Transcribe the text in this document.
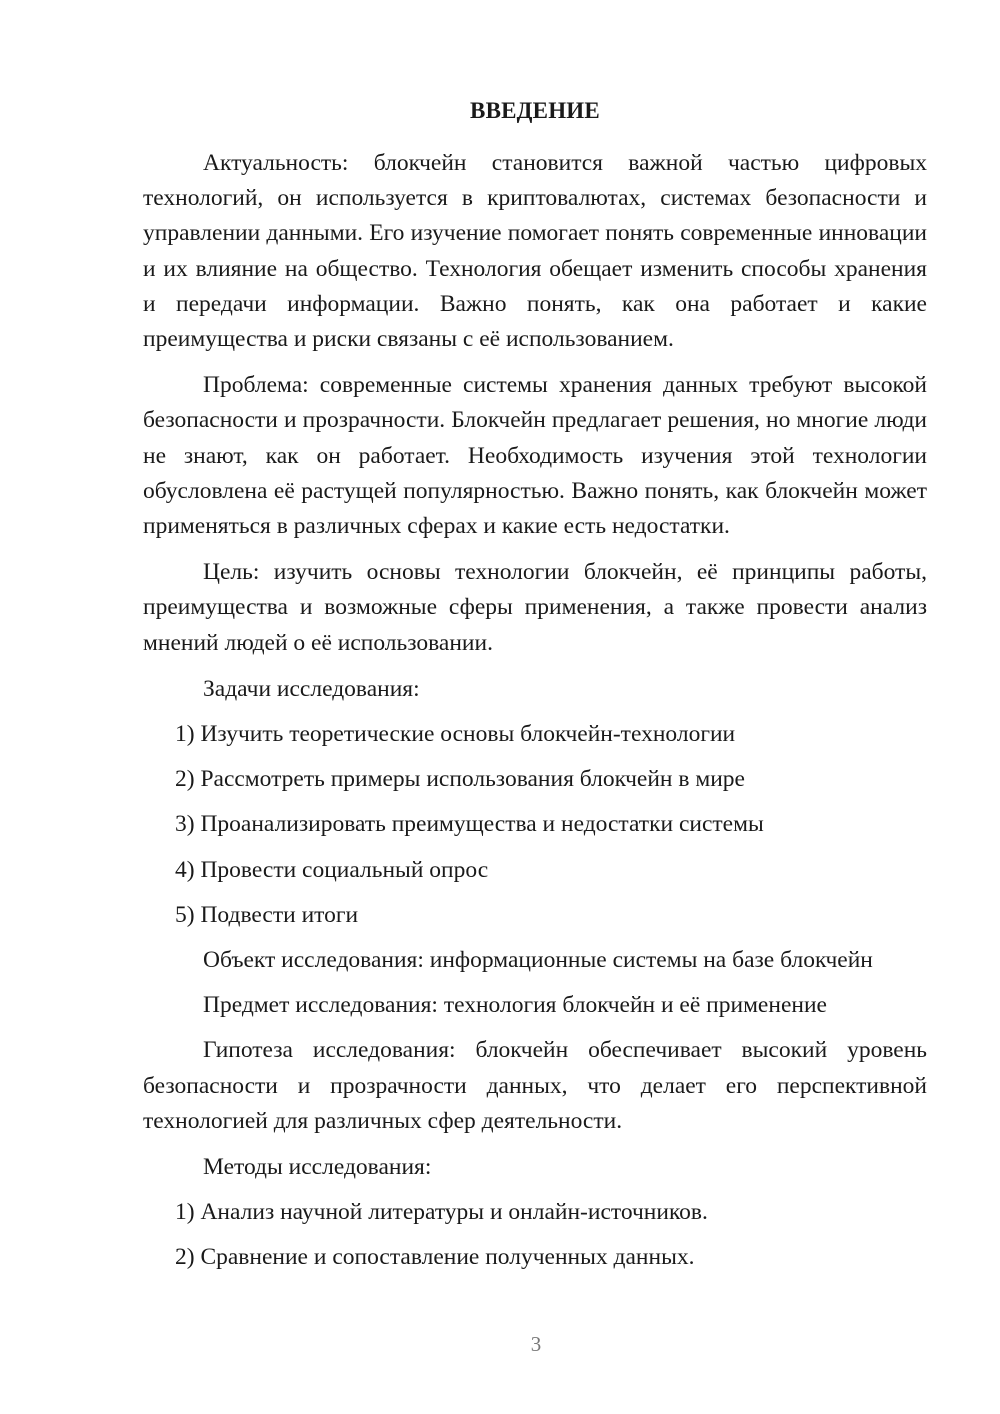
ВВЕДЕНИЕ

Актуальность: блокчейн становится важной частью цифровых технологий, он используется в криптовалютах, системах безопасности и управлении данными. Его изучение помогает понять современные инновации и их влияние на общество. Технология обещает изменить способы хранения и передачи информации. Важно понять, как она работает и какие преимущества и риски связаны с её использованием.

Проблема: современные системы хранения данных требуют высокой безопасности и прозрачности. Блокчейн предлагает решения, но многие люди не знают, как он работает. Необходимость изучения этой технологии обусловлена её растущей популярностью. Важно понять, как блокчейн может применяться в различных сферах и какие есть недостатки.

Цель: изучить основы технологии блокчейн, её принципы работы, преимущества и возможные сферы применения, а также провести анализ мнений людей о её использовании.

Задачи исследования:
1) Изучить теоретические основы блокчейн-технологии
2) Рассмотреть примеры использования блокчейн в мире
3) Проанализировать преимущества и недостатки системы
4) Провести социальный опрос
5) Подвести итоги
Объект исследования: информационные системы на базе блокчейн
Предмет исследования: технология блокчейн и её применение

Гипотеза исследования: блокчейн обеспечивает высокий уровень безопасности и прозрачности данных, что делает его перспективной технологией для различных сфер деятельности.

Методы исследования:
1) Анализ научной литературы и онлайн-источников.
2) Сравнение и сопоставление полученных данных.
3
